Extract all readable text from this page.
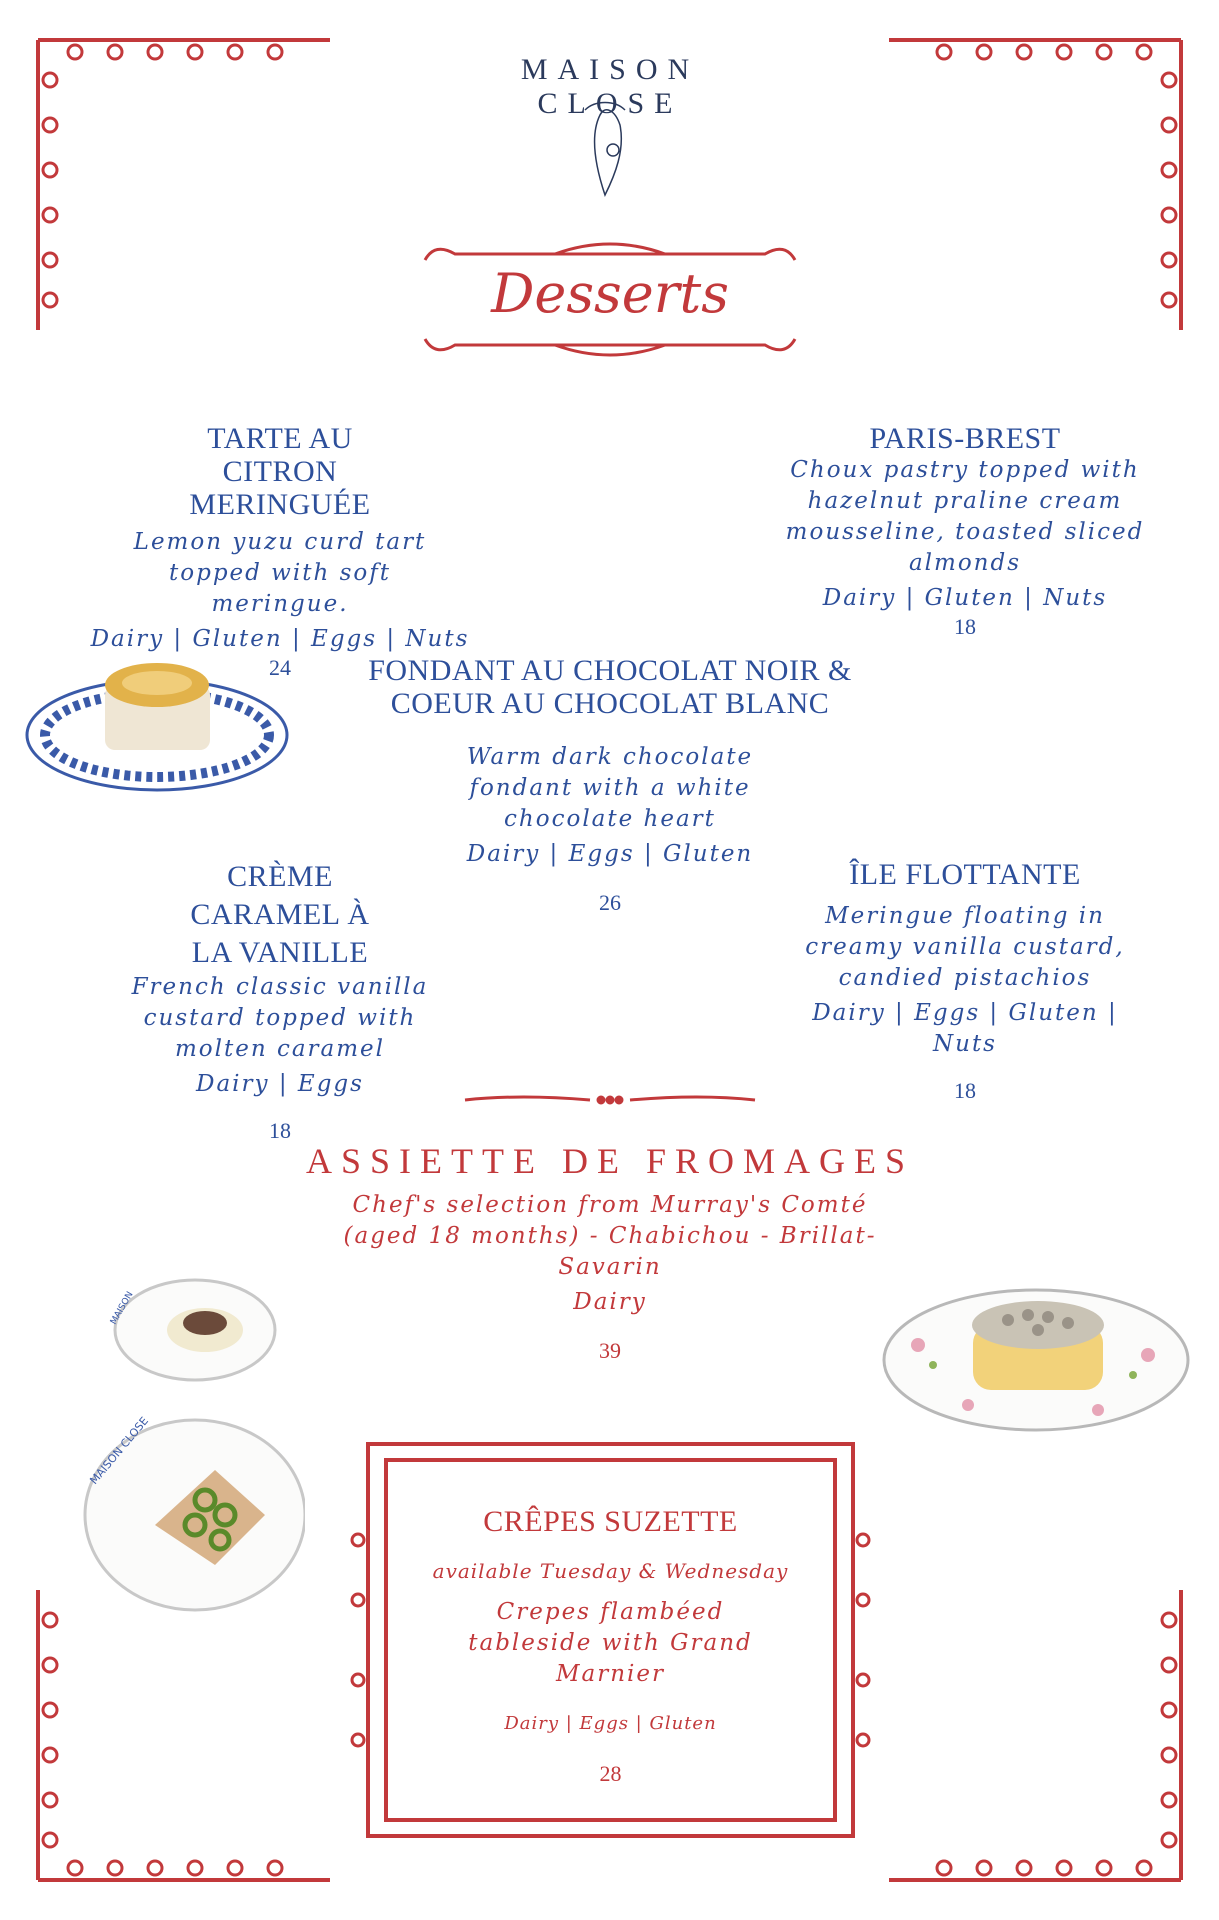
MAISON CLOSE
Desserts
TARTE AU CITRON MERINGUÉE
Lemon yuzu curd tart topped with soft meringue.
Dairy | Gluten | Eggs | Nuts
24
PARIS-BREST
Choux pastry topped with hazelnut praline cream mousseline, toasted sliced almonds
Dairy | Gluten | Nuts
18
FONDANT AU CHOCOLAT NOIR & COEUR AU CHOCOLAT BLANC
Warm dark chocolate fondant with a white chocolate heart
Dairy | Eggs | Gluten
26
CRÈME CARAMEL À LA VANILLE
French classic vanilla custard topped with molten caramel
Dairy | Eggs
18
ÎLE FLOTTANTE
Meringue floating in creamy vanilla custard, candied pistachios
Dairy | Eggs | Gluten | Nuts
18
ASSIETTE DE FROMAGES
Chef's selection from Murray's Comté (aged 18 months) - Chabichou - Brillat-Savarin
Dairy
39
MAISON
MAISON CLOSE
CRÊPES SUZETTE
available Tuesday & Wednesday
Crepes flambéed tableside with Grand Marnier
Dairy | Eggs | Gluten
28
